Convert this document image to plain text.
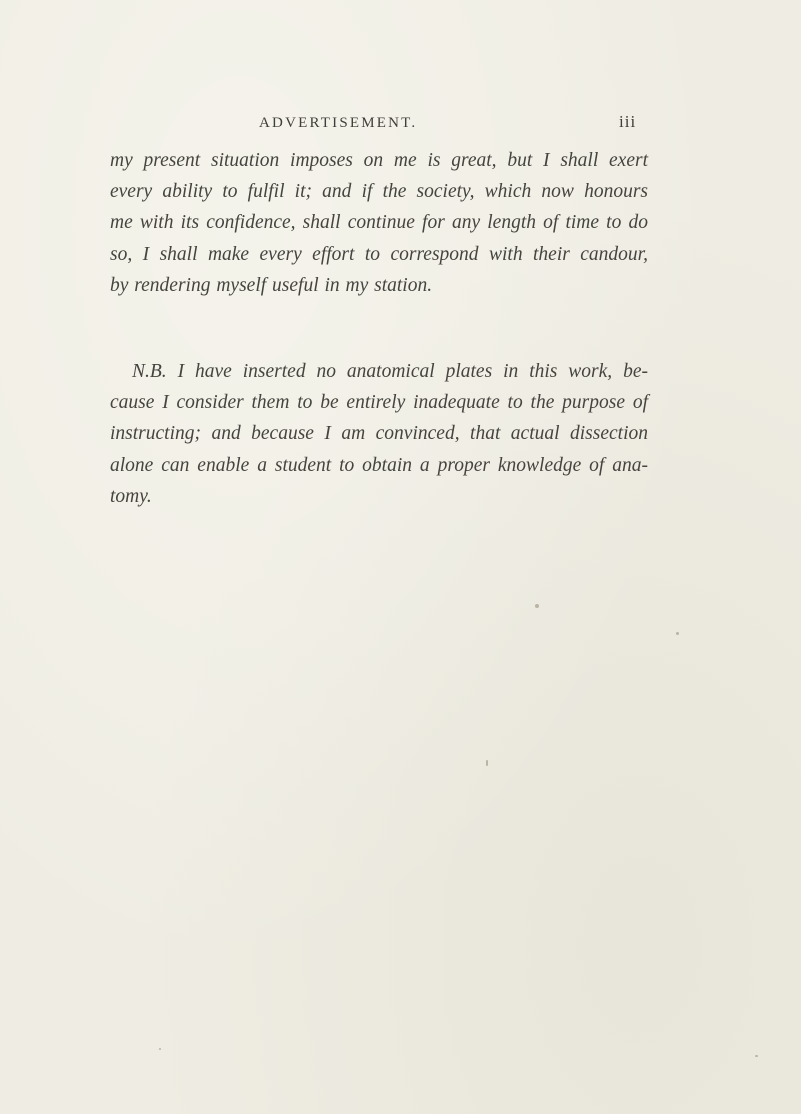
ADVERTISEMENT.	iii
my present situation imposes on me is great, but I shall exert
every ability to fulfil it; and if the society, which now honours
me with its confidence, shall continue for any length of time to do
so, I shall make every effort to correspond with their candour,
by rendering myself useful in my station.
N.B. I have inserted no anatomical plates in this work, be-
cause I consider them to be entirely inadequate to the purpose of
instructing; and because I am convinced, that actual dissection
alone can enable a student to obtain a proper knowledge of ana-
tomy.
